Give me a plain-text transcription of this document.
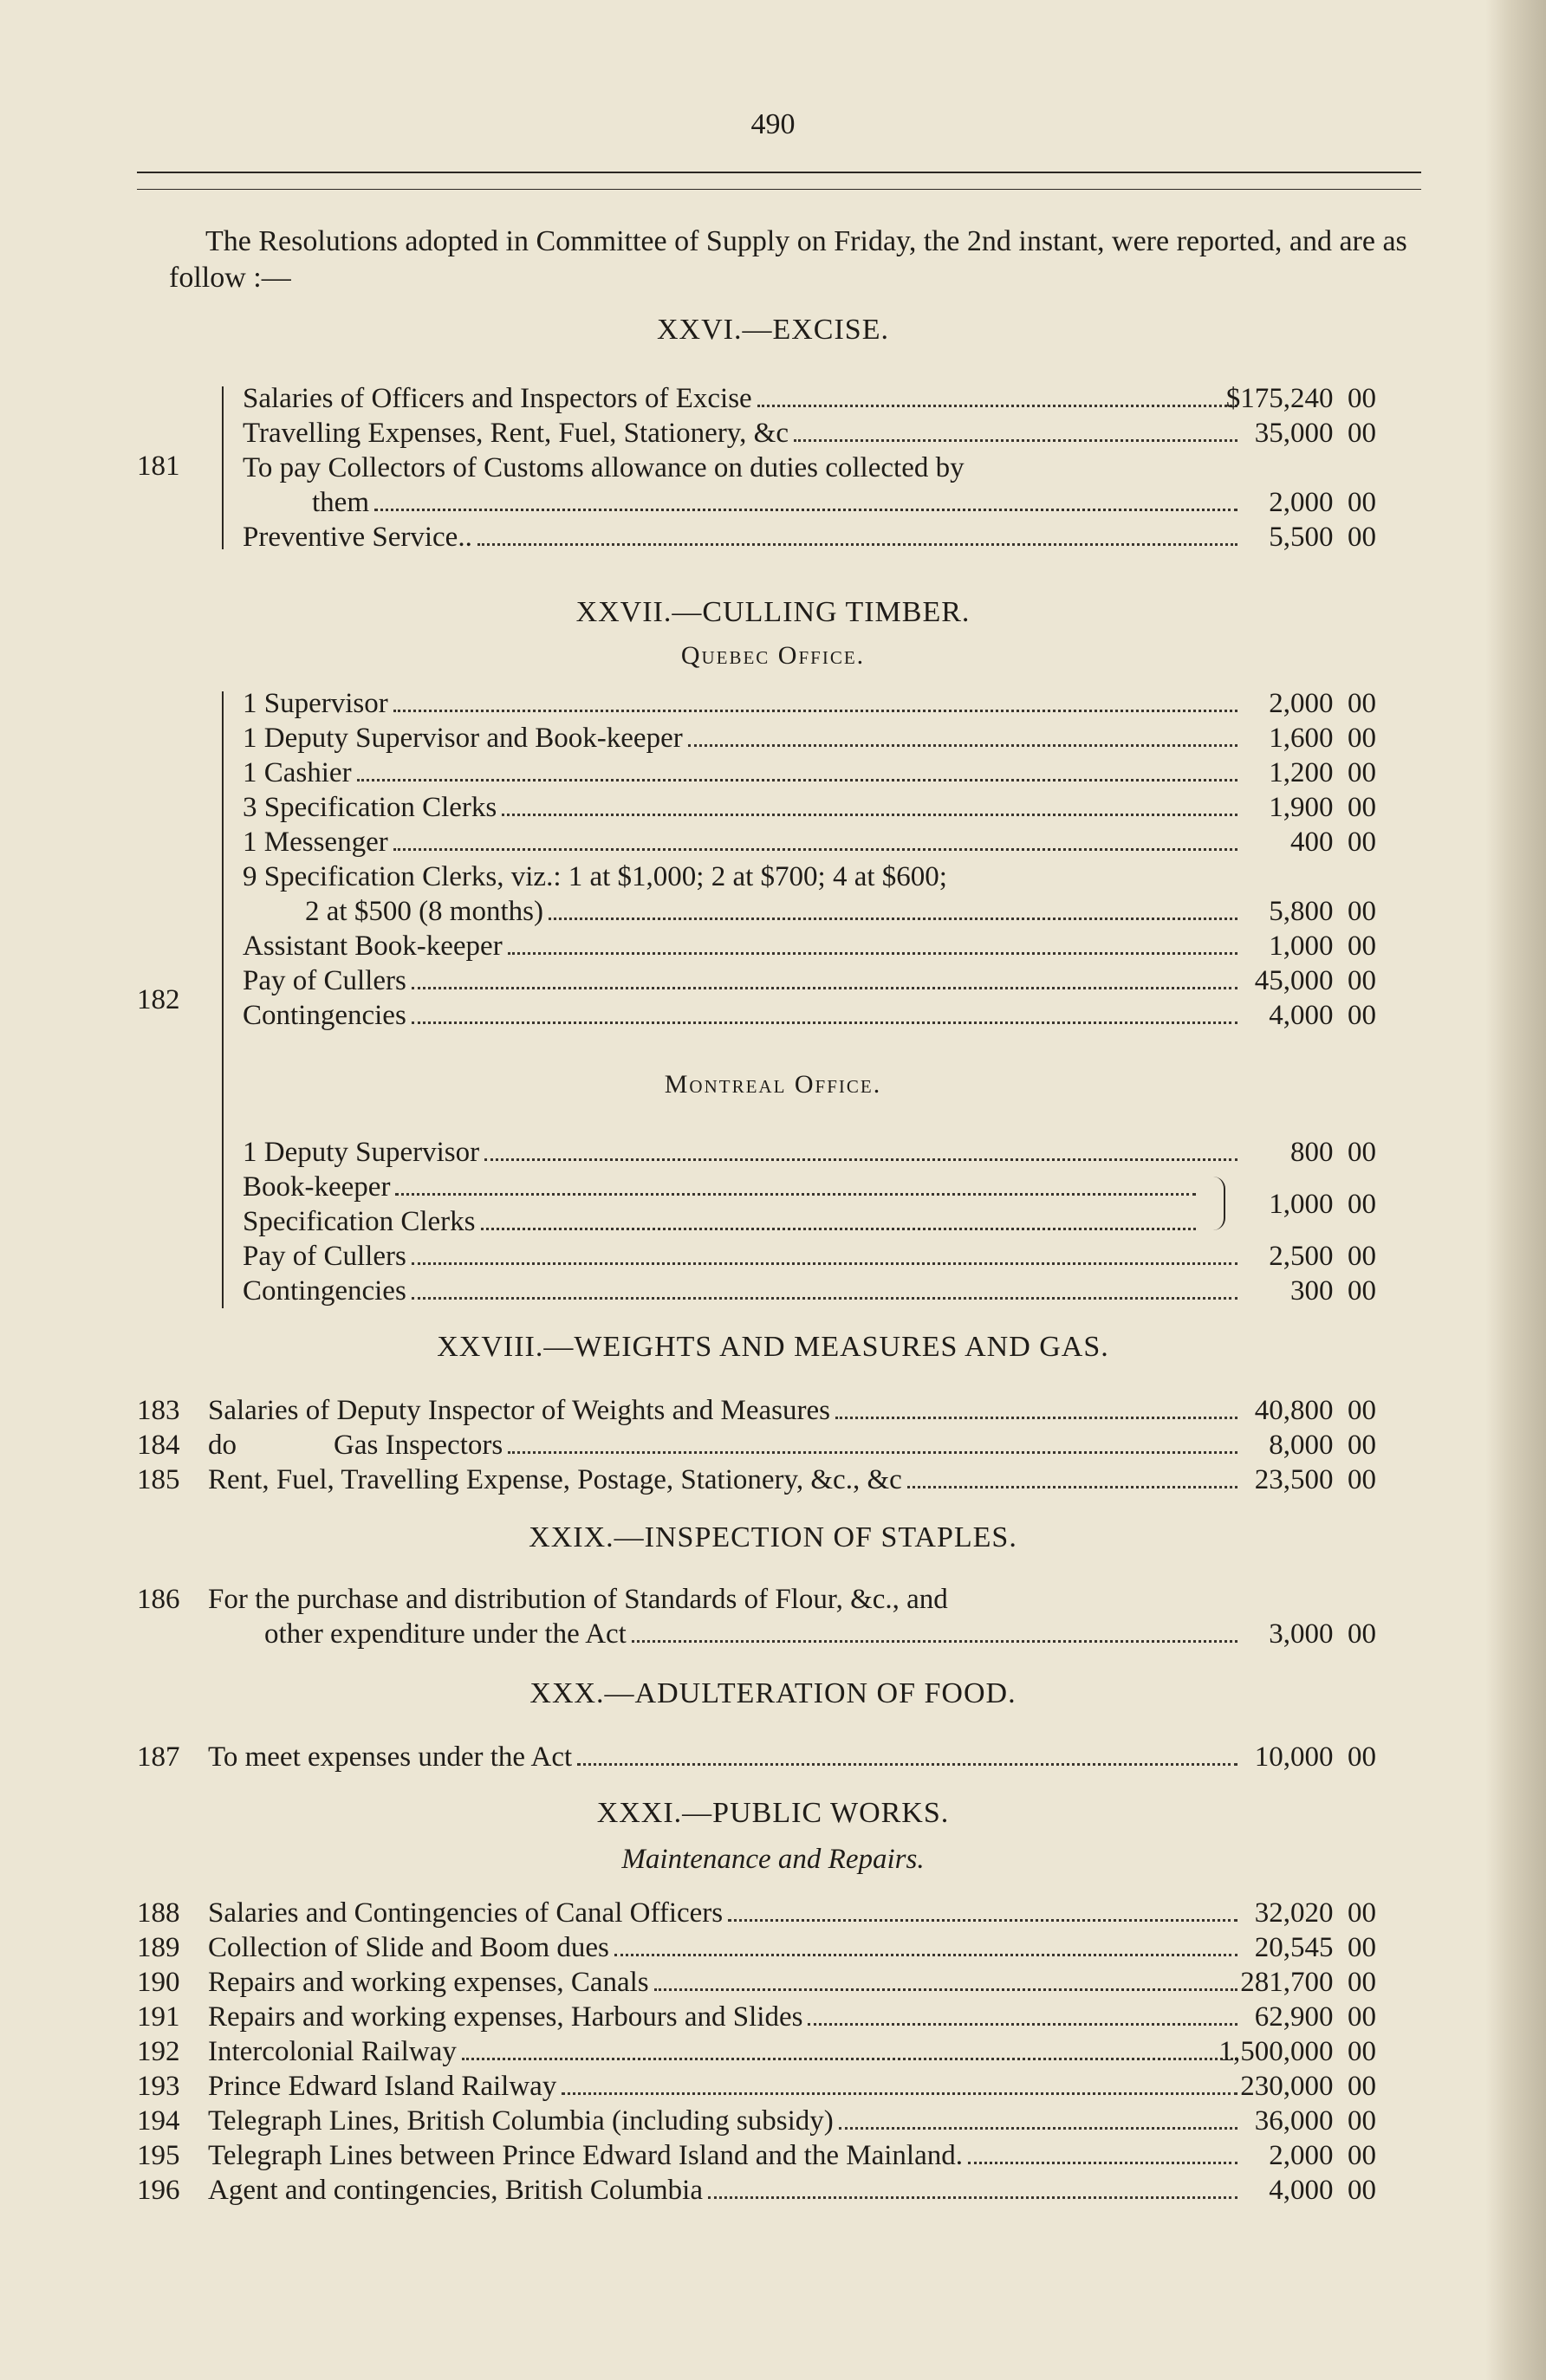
490
The Resolutions adopted in Committee of Supply on Friday, the 2nd instant, were reported, and are as follow :—
XXVI.—EXCISE.
181
Salaries of Officers and Inspectors of Excise	$175,240 00
Travelling Expenses, Rent, Fuel, Stationery, &c	35,000 00
To pay Collectors of Customs allowance on duties collected by
them	2,000 00
Preventive Service..	5,500 00
XXVII.—CULLING TIMBER.
Quebec Office.
182
1 Supervisor	2,000 00
1 Deputy Supervisor and Book-keeper	1,600 00
1 Cashier	1,200 00
3 Specification Clerks	1,900 00
1 Messenger	400 00
9 Specification Clerks, viz.: 1 at $1,000; 2 at $700; 4 at $600;
2 at $500 (8 months)	5,800 00
Assistant Book-keeper	1,000 00
Pay of Cullers	45,000 00
Contingencies	4,000 00
Montreal Office.
1 Deputy Supervisor	800 00
Book-keeper
Specification Clerks
1,000 00
Pay of Cullers	2,500 00
Contingencies	300 00
XXVIII.—WEIGHTS AND MEASURES AND GAS.
183 Salaries of Deputy Inspector of Weights and Measures	40,800 00
184 do	Gas Inspectors	8,000 00
185 Rent, Fuel, Travelling Expense, Postage, Stationery, &c., &c	23,500 00
XXIX.—INSPECTION OF STAPLES.
186 For the purchase and distribution of Standards of Flour, &c., and
other expenditure under the Act	3,000 00
XXX.—ADULTERATION OF FOOD.
187 To meet expenses under the Act	10,000 00
XXXI.—PUBLIC WORKS.
Maintenance and Repairs.
188 Salaries and Contingencies of Canal Officers	32,020 00
189 Collection of Slide and Boom dues	20,545 00
190 Repairs and working expenses, Canals	281,700 00
191 Repairs and working expenses, Harbours and Slides	62,900 00
192 Intercolonial Railway	1,500,000 00
193 Prince Edward Island Railway	230,000 00
194 Telegraph Lines, British Columbia (including subsidy)	36,000 00
195 Telegraph Lines between Prince Edward Island and the Mainland.	2,000 00
196 Agent and contingencies, British Columbia	4,000 00
